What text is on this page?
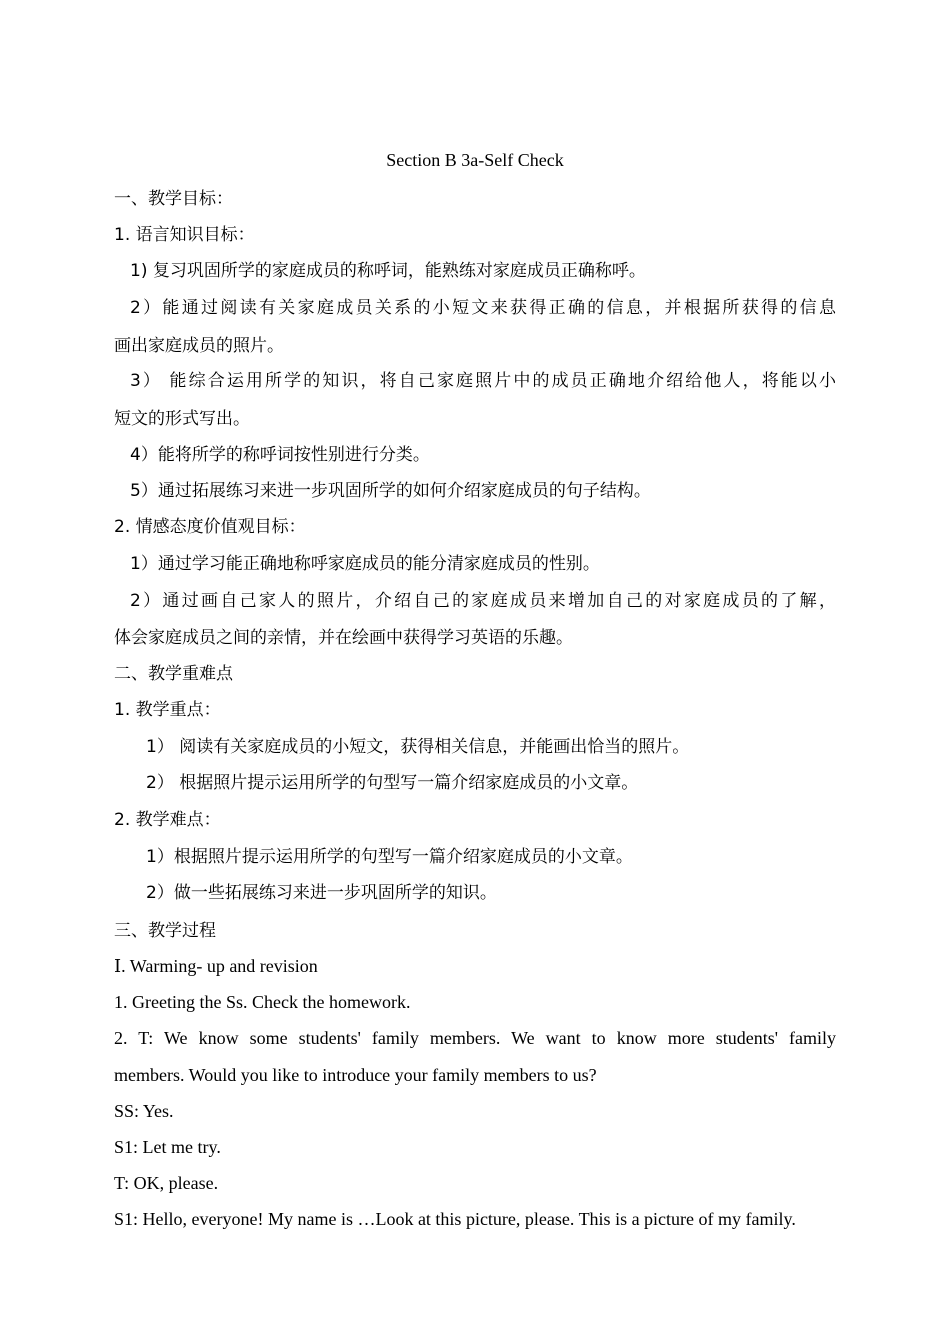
Section B 3a-Self Check
一、教学目标：
1. 语言知识目标：
1) 复习巩固所学的家庭成员的称呼词，能熟练对家庭成员正确称呼。
2）能通过阅读有关家庭成员关系的小短文来获得正确的信息，并根据所获得的信息
画出家庭成员的照片。
3） 能综合运用所学的知识，将自己家庭照片中的成员正确地介绍给他人，将能以小
短文的形式写出。
4）能将所学的称呼词按性别进行分类。
5）通过拓展练习来进一步巩固所学的如何介绍家庭成员的句子结构。
2. 情感态度价值观目标：
1）通过学习能正确地称呼家庭成员的能分清家庭成员的性别。
2）通过画自己家人的照片，介绍自己的家庭成员来增加自己的对家庭成员的了解，
体会家庭成员之间的亲情，并在绘画中获得学习英语的乐趣。
二、教学重难点
1. 教学重点：
1） 阅读有关家庭成员的小短文，获得相关信息，并能画出恰当的照片。
2） 根据照片提示运用所学的句型写一篇介绍家庭成员的小文章。
2. 教学难点：
1）根据照片提示运用所学的句型写一篇介绍家庭成员的小文章。
2）做一些拓展练习来进一步巩固所学的知识。
三、教学过程
Ⅰ. Warming- up and revision
1. Greeting the Ss. Check the homework.
2. T: We know some students' family members. We want to know more students' family
members. Would you like to introduce your family members to us?
SS: Yes.
S1: Let me try.
T: OK, please.
S1: Hello, everyone! My name is …Look at this picture, please. This is a picture of my family.
